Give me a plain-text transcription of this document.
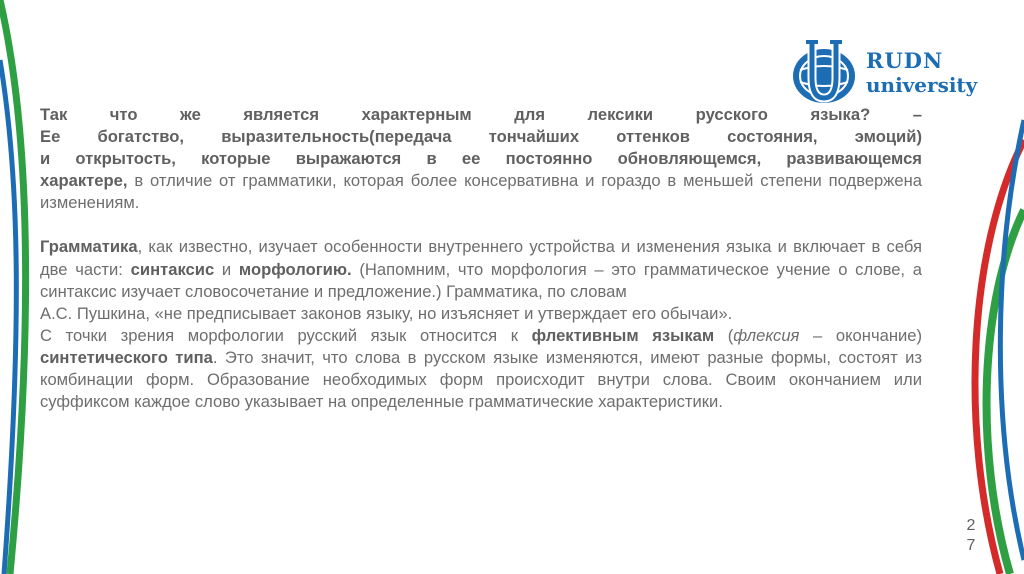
RUDN
university

Так что же является характерным для лексики русского языка? –
Ее богатство, выразительность(передача тончайших оттенков состояния, эмоций)
и открытость, которые выражаются в ее постоянно обновляющемся, развивающемся
характере, в отличие от грамматики, которая более консервативна и гораздо в меньшей степени подвержена изменениям.

Грамматика, как известно, изучает особенности внутреннего устройства и изменения языка и включает в себя две части: синтаксис и морфологию. (Напомним, что морфология – это грамматическое учение о слове, а синтаксис изучает словосочетание и предложение.) Грамматика, по словам

А.С. Пушкина, «не предписывает законов языку, но изъясняет и утверждает его обычаи».

С точки зрения морфологии русский язык относится к флективным языкам (флексия – окончание) синтетического типа. Это значит, что слова в русском языке изменяются, имеют разные формы, состоят из комбинации форм. Образование необходимых форм происходит внутри слова. Своим окончанием или суффиксом каждое слово указывает на определенные грамматические характеристики.

2
7
